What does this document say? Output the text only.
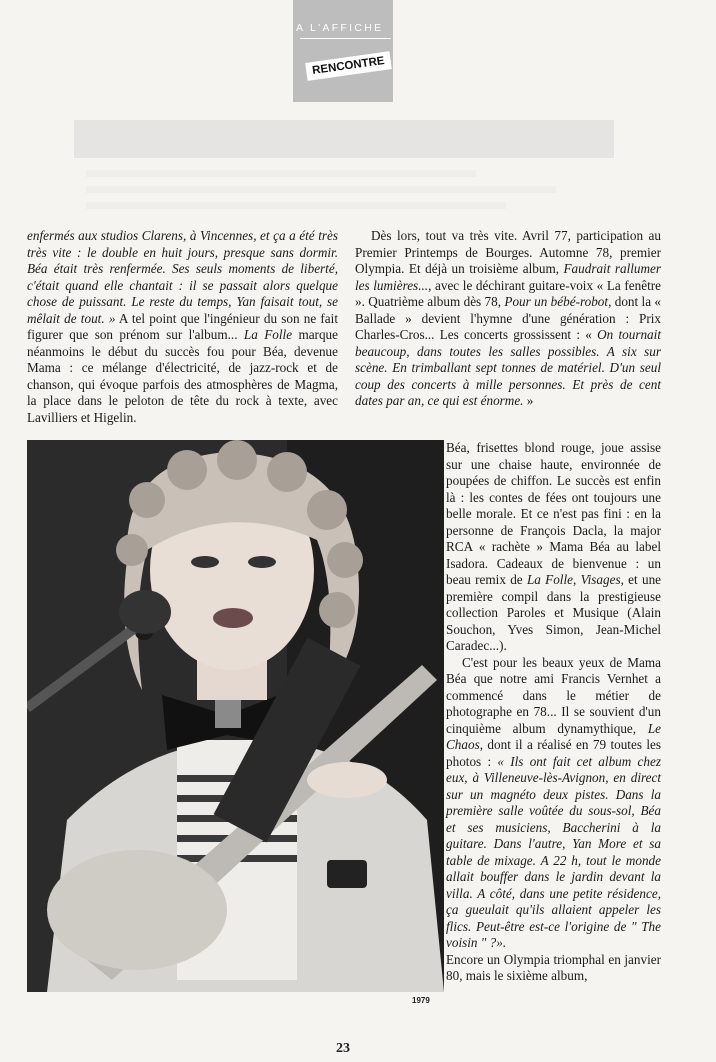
A L'AFFICHE
RENCONTRE

enfermés aux studios Clarens, à Vincennes, et ça a été très très vite : le double en huit jours, presque sans dormir. Béa était très renfermée. Ses seuls moments de liberté, c'était quand elle chantait : il se passait alors quelque chose de puissant. Le reste du temps, Yan faisait tout, se mêlait de tout. » A tel point que l'ingénieur du son ne fait figurer que son prénom sur l'album... La Folle marque néanmoins le début du succès fou pour Béa, devenue Mama : ce mélange d'électricité, de jazz-rock et de chanson, qui évoque parfois des atmosphères de Magma, la place dans le peloton de tête du rock à texte, avec Lavilliers et Higelin.

Dès lors, tout va très vite. Avril 77, participation au Premier Printemps de Bourges. Automne 78, premier Olympia. Et déjà un troisième album, Faudrait rallumer les lumières..., avec le déchirant guitare-voix « La fenêtre ». Quatrième album dès 78, Pour un bébé-robot, dont la « Ballade » devient l'hymne d'une génération : Prix Charles-Cros... Les concerts grossissent : « On tournait beaucoup, dans toutes les salles possibles. A six sur scène. En trimballant sept tonnes de matériel. D'un seul coup des concerts à mille personnes. Et près de cent dates par an, ce qui est énorme. »

1979

Béa, frisettes blond rouge, joue assise sur une chaise haute, environnée de poupées de chiffon. Le succès est enfin là : les contes de fées ont toujours une belle morale. Et ce n'est pas fini : en la personne de François Dacla, la major RCA « rachète » Mama Béa au label Isadora. Cadeaux de bienvenue : un beau remix de La Folle, Visages, et une première compil dans la prestigieuse collection Paroles et Musique (Alain Souchon, Yves Simon, Jean-Michel Caradec...).

C'est pour les beaux yeux de Mama Béa que notre ami Francis Vernhet a commencé dans le métier de photographe en 78... Il se souvient d'un cinquième album dynamythique, Le Chaos, dont il a réalisé en 79 toutes les photos : « Ils ont fait cet album chez eux, à Villeneuve-lès-Avignon, en direct sur un magnéto deux pistes. Dans la première salle voûtée du sous-sol, Béa et ses musiciens, Baccherini à la guitare. Dans l'autre, Yan More et sa table de mixage. A 22 h, tout le monde allait bouffer dans le jardin devant la villa. A côté, dans une petite résidence, ça gueulait qu'ils allaient appeler les flics. Peut-être est-ce l'origine de " The voisin " ?».

Encore un Olympia triomphal en janvier 80, mais le sixième album,

23
